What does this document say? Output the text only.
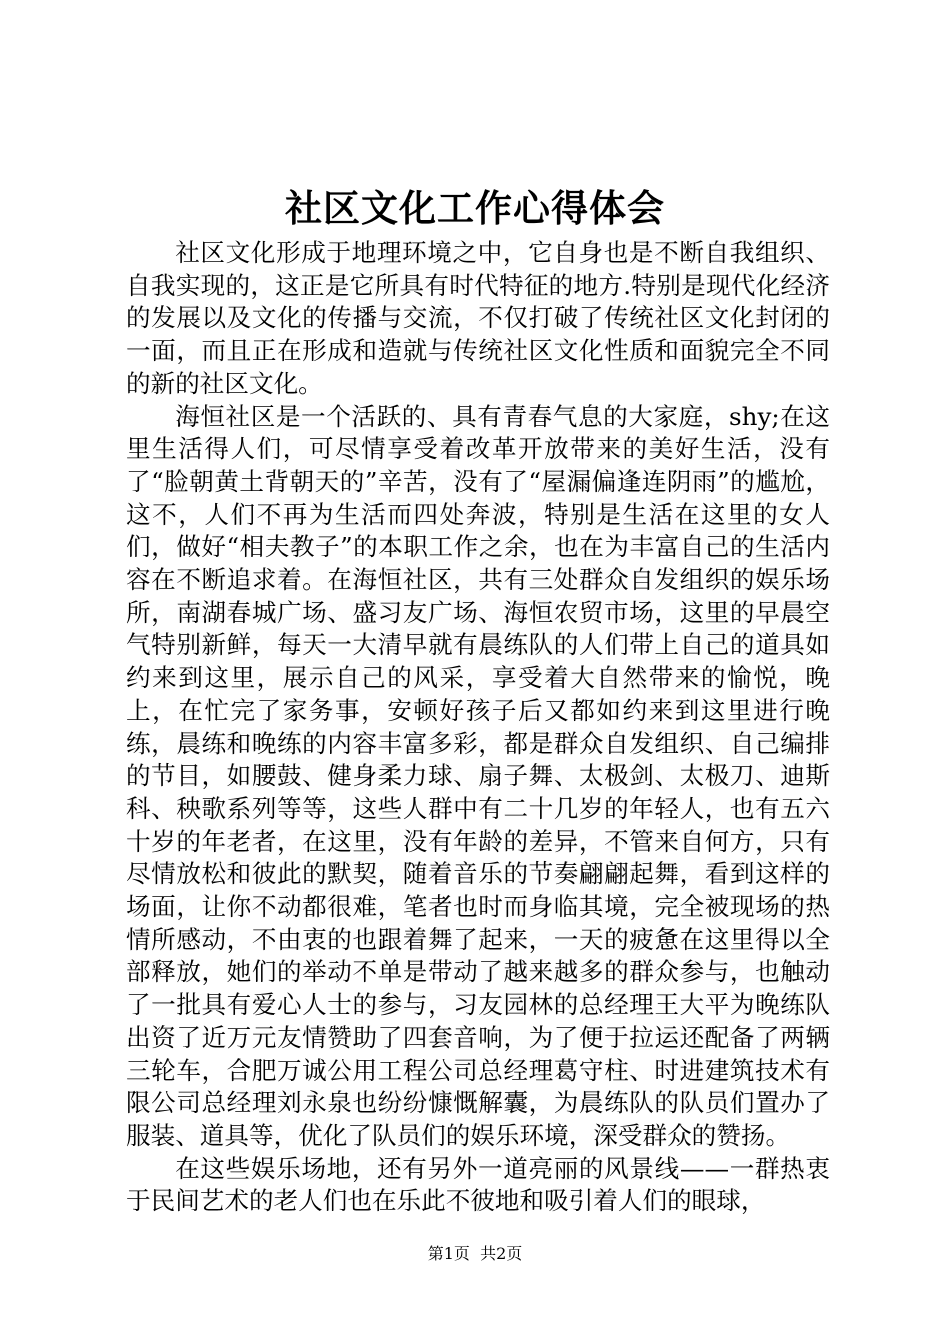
社区文化工作心得体会

社区文化形成于地理环境之中，它自身也是不断自我组织、自我实现的，这正是它所具有时代特征的地方.特别是现代化经济的发展以及文化的传播与交流，不仅打破了传统社区文化封闭的一面，而且正在形成和造就与传统社区文化性质和面貌完全不同的新的社区文化。

海恒社区是一个活跃的、具有青春气息的大家庭，shy;在这里生活得人们，可尽情享受着改革开放带来的美好生活，没有了“脸朝黄土背朝天的”辛苦，没有了“屋漏偏逢连阴雨”的尴尬，这不，人们不再为生活而四处奔波，特别是生活在这里的女人们，做好“相夫教子”的本职工作之余，也在为丰富自己的生活内容在不断追求着。在海恒社区，共有三处群众自发组织的娱乐场所，南湖春城广场、盛习友广场、海恒农贸市场，这里的早晨空气特别新鲜，每天一大清早就有晨练队的人们带上自己的道具如约来到这里，展示自己的风采，享受着大自然带来的愉悦，晚上，在忙完了家务事，安顿好孩子后又都如约来到这里进行晚练，晨练和晚练的内容丰富多彩，都是群众自发组织、自己编排的节目，如腰鼓、健身柔力球、扇子舞、太极剑、太极刀、迪斯科、秧歌系列等等，这些人群中有二十几岁的年轻人，也有五六十岁的年老者，在这里，没有年龄的差异，不管来自何方，只有尽情放松和彼此的默契，随着音乐的节奏翩翩起舞，看到这样的场面，让你不动都很难，笔者也时而身临其境，完全被现场的热情所感动，不由衷的也跟着舞了起来，一天的疲惫在这里得以全部释放，她们的举动不单是带动了越来越多的群众参与，也触动了一批具有爱心人士的参与，习友园林的总经理王大平为晚练队出资了近万元友情赞助了四套音响，为了便于拉运还配备了两辆三轮车，合肥万诚公用工程公司总经理葛守柱、时进建筑技术有限公司总经理刘永泉也纷纷慷慨解囊，为晨练队的队员们置办了服装、道具等，优化了队员们的娱乐环境，深受群众的赞扬。

在这些娱乐场地，还有另外一道亮丽的风景线——一群热衷于民间艺术的老人们也在乐此不彼地和吸引着人们的眼球，

第1页 共2页
